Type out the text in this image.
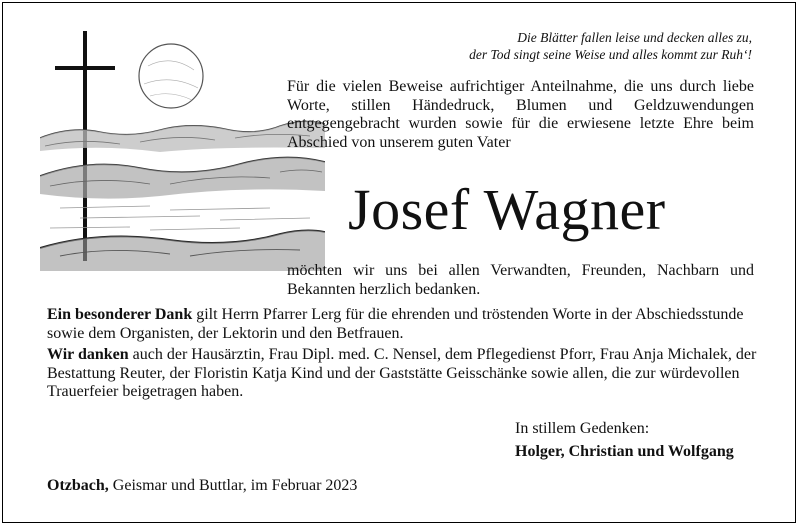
Die Blätter fallen leise und decken alles zu,
der Tod singt seine Weise und alles kommt zur Ruh‘!
Für die vielen Beweise aufrichtiger Anteilnahme, die uns durch liebe Worte, stillen Händedruck, Blumen und Geldzuwendungen entgegengebracht wurden sowie für die erwiesene letzte Ehre beim Abschied von unserem guten Vater
Josef Wagner
möchten wir uns bei allen Verwandten, Freunden, Nachbarn und Bekannten herzlich bedanken.
Ein besonderer Dank gilt Herrn Pfarrer Lerg für die ehrenden und tröstenden Worte in der Abschiedsstunde sowie dem Organisten, der Lektorin und den Betfrauen.
Wir danken auch der Hausärztin, Frau Dipl. med. C. Nensel, dem Pflegedienst Pforr, Frau Anja Michalek, der Bestattung Reuter, der Floristin Katja Kind und der Gaststätte Geisschänke sowie allen, die zur würdevollen Trauerfeier beigetragen haben.
In stillem Gedenken:
Holger, Christian und Wolfgang
Otzbach, Geismar und Buttlar, im Februar 2023
